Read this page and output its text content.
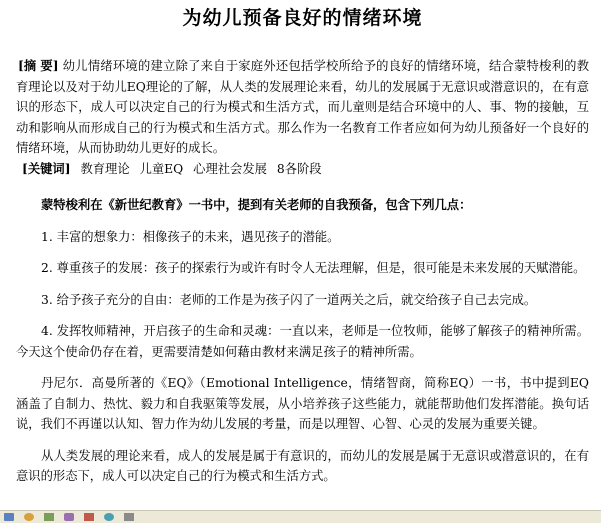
为幼儿预备良好的情绪环境
[摘 要] 幼儿情绪环境的建立除了来自于家庭外还包括学校所给予的良好的情绪环境，结合蒙特梭利的教育理论以及对于幼儿EQ理论的了解，从人类的发展理论来看，幼儿的发展属于无意识或潜意识的，在有意识的形态下，成人可以决定自己的行为模式和生活方式，而儿童则是结合环境中的人、事、物的接触，互动和影响从而形成自己的行为模式和生活方式。那么作为一名教育工作者应如何为幼儿预备好一个良好的情绪环境，从而协助幼儿更好的成长。
[关键词] 教育理论 儿童EQ 心理社会发展 8各阶段

蒙特梭利在《新世纪教育》一书中，提到有关老师的自我预备，包含下列几点：

1. 丰富的想象力：相像孩子的未来，遇见孩子的潜能。

2. 尊重孩子的发展：孩子的探索行为或许有时令人无法理解，但是，很可能是未来发展的天赋潜能。

3. 给予孩子充分的自由：老师的工作是为孩子闪了一道两关之后，就交给孩子自己去完成。

4. 发挥牧师精神，开启孩子的生命和灵魂：一直以来，老师是一位牧师，能够了解孩子的精神所需。今天这个使命仍存在着，更需要清楚如何藉由教材来满足孩子的精神所需。

丹尼尔．高曼所著的《EQ》（Emotional Intelligence，情绪智商，简称EQ）一书，书中提到EQ涵盖了自制力、热忱、毅力和自我驱策等发展，从小培养孩子这些能力，就能帮助他们发挥潜能。换句话说，我们不再谨以认知、智力作为幼儿发展的考量，而是以理智、心智、心灵的发展为重要关键。

从人类发展的理论来看，成人的发展是属于有意识的，而幼儿的发展是属于无意识或潜意识的，在有意识的形态下，成人可以决定自己的行为模式和生活方式。
